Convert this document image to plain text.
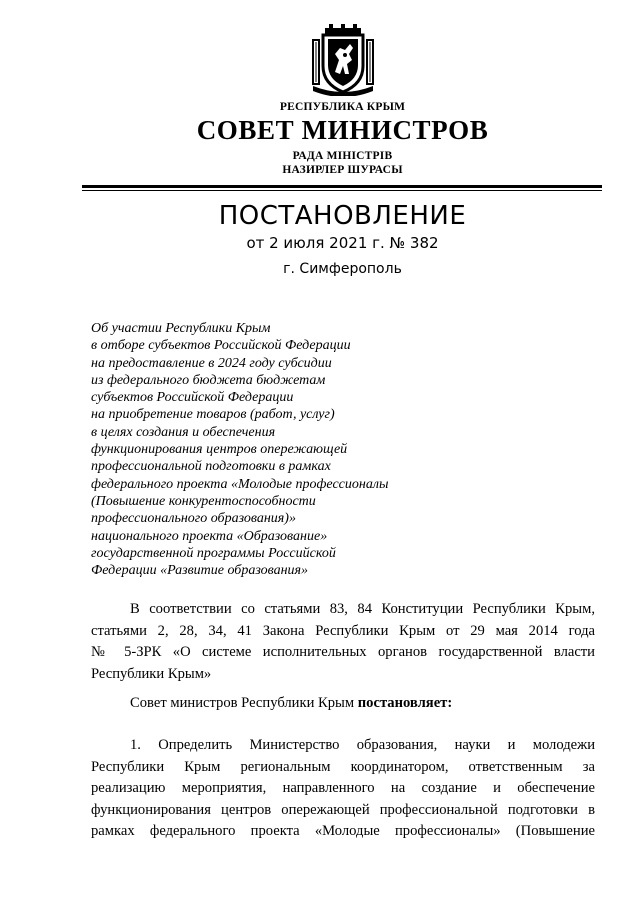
РЕСПУБЛИКА КРЫМ
СОВЕТ МИНИСТРОВ
РАДА МІНІСТРІВ
НАЗИРЛЕР ШУРАСЫ
ПОСТАНОВЛЕНИЕ
от 2 июля 2021 г. № 382
г. Симферополь
Об участии Республики Крым
в отборе субъектов Российской Федерации
на предоставление в 2024 году субсидии
из федерального бюджета бюджетам
субъектов Российской Федерации
на приобретение товаров (работ, услуг)
в целях создания и обеспечения
функционирования центров опережающей
профессиональной подготовки в рамках
федерального проекта «Молодые профессионалы
(Повышение конкурентоспособности
профессионального образования)»
национального проекта «Образование»
государственной программы Российской
Федерации «Развитие образования»
В соответствии со статьями 83, 84 Конституции Республики Крым,
статьями 2, 28, 34, 41 Закона Республики Крым от 29 мая 2014 года
№ 5-ЗРК «О системе исполнительных органов государственной власти
Республики Крым»
Совет министров Республики Крым постановляет:
1. Определить Министерство образования, науки и молодежи
Республики Крым региональным координатором, ответственным за
реализацию мероприятия, направленного на создание и обеспечение
функционирования центров опережающей профессиональной подготовки в
рамках федерального проекта «Молодые профессионалы» (Повышение
